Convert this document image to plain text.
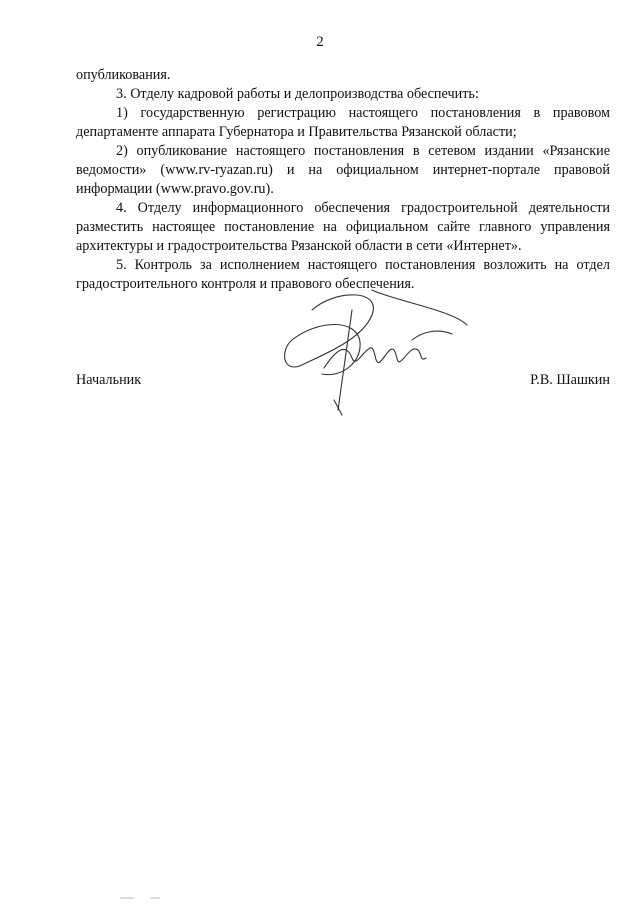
2

опубликования.

3. Отделу кадровой работы и делопроизводства обеспечить:

1) государственную регистрацию настоящего постановления в правовом департаменте аппарата Губернатора и Правительства Рязанской области;

2) опубликование настоящего постановления в сетевом издании «Рязанские ведомости» (www.rv-ryazan.ru) и на официальном интернет-портале правовой информации (www.pravo.gov.ru).

4. Отделу информационного обеспечения градостроительной деятельности разместить настоящее постановление на официальном сайте главного управления архитектуры и градостроительства Рязанской области в сети «Интернет».

5. Контроль за исполнением настоящего постановления возложить на отдел градостроительного контроля и правового обеспечения.

Начальник	Р.В. Шашкин
